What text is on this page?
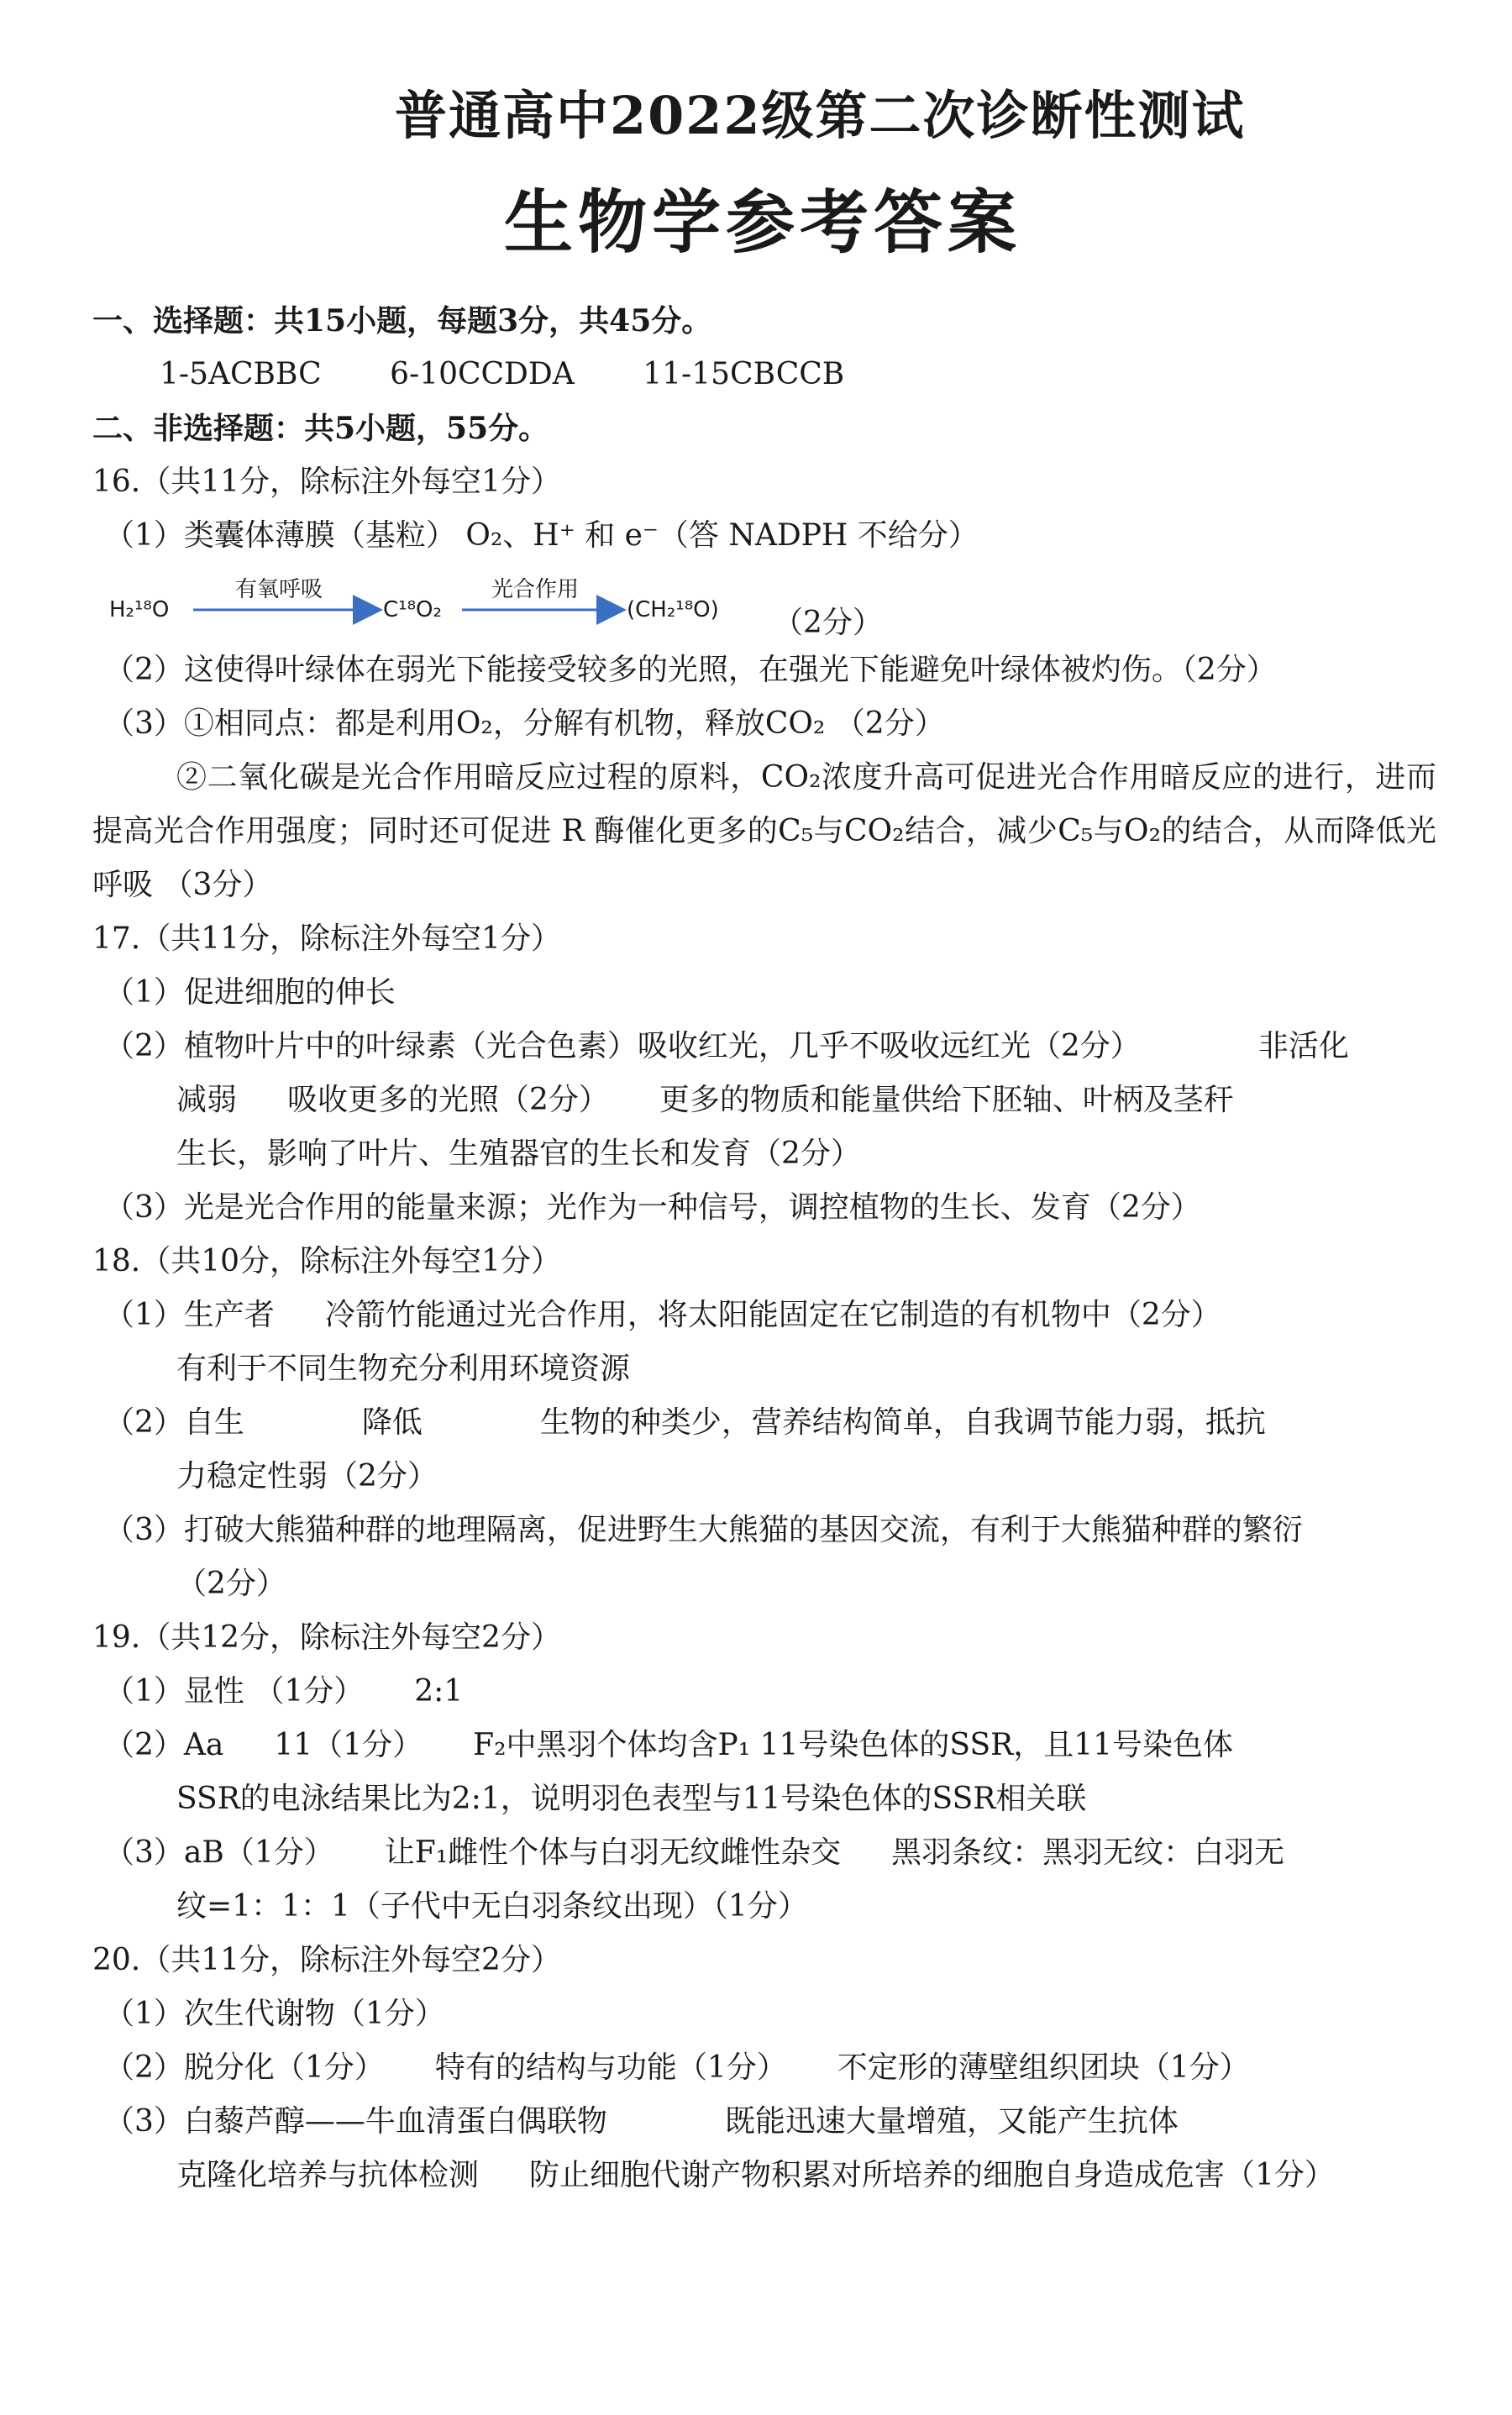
普通高中2022级第二次诊断性测试
生物学参考答案
一、选择题：共15小题，每题3分，共45分。
1-5ACBBC 6-10CCDDA 11-15CBCCB
二、非选择题：共5小题，55分。
16.（共11分，除标注外每空1分）
（1）类囊体薄膜（基粒） O₂、H⁺ 和 e⁻（答 NADPH 不给分）
H₂¹⁸O
有氧呼吸
C¹⁸O₂
光合作用
(CH₂¹⁸O) （2分）
（2）这使得叶绿体在弱光下能接受较多的光照，在强光下能避免叶绿体被灼伤。（2分）
（3）①相同点：都是利用O₂，分解有机物，释放CO₂ （2分）
②二氧化碳是光合作用暗反应过程的原料，CO₂浓度升高可促进光合作用暗反应的进行，进而提高光合作用强度；同时还可促进 R 酶催化更多的C₅与CO₂结合，减少C₅与O₂的结合，从而降低光呼吸 （3分）
17.（共11分，除标注外每空1分）
（1）促进细胞的伸长
（2）植物叶片中的叶绿素（光合色素）吸收红光，几乎不吸收远红光（2分）	非活化
减弱 吸收更多的光照（2分） 更多的物质和能量供给下胚轴、叶柄及茎秆
生长，影响了叶片、生殖器官的生长和发育（2分）
（3）光是光合作用的能量来源；光作为一种信号，调控植物的生长、发育（2分）
18.（共10分，除标注外每空1分）
（1）生产者 冷箭竹能通过光合作用，将太阳能固定在它制造的有机物中（2分）
有利于不同生物充分利用环境资源
（2）自生	降低	生物的种类少，营养结构简单，自我调节能力弱，抵抗
力稳定性弱（2分）
（3）打破大熊猫种群的地理隔离，促进野生大熊猫的基因交流，有利于大熊猫种群的繁衍
（2分）
19.（共12分，除标注外每空2分）
（1）显性 （1分） 2:1
（2）Aa 11（1分） F₂中黑羽个体均含P₁ 11号染色体的SSR，且11号染色体
SSR的电泳结果比为2:1，说明羽色表型与11号染色体的SSR相关联
（3）aB（1分） 让F₁雌性个体与白羽无纹雌性杂交 黑羽条纹：黑羽无纹：白羽无
纹=1：1：1（子代中无白羽条纹出现）（1分）
20.（共11分，除标注外每空2分）
（1）次生代谢物（1分）
（2）脱分化（1分） 特有的结构与功能（1分） 不定形的薄壁组织团块（1分）
（3）白藜芦醇——牛血清蛋白偶联物	既能迅速大量增殖，又能产生抗体
克隆化培养与抗体检测 防止细胞代谢产物积累对所培养的细胞自身造成危害（1分）
